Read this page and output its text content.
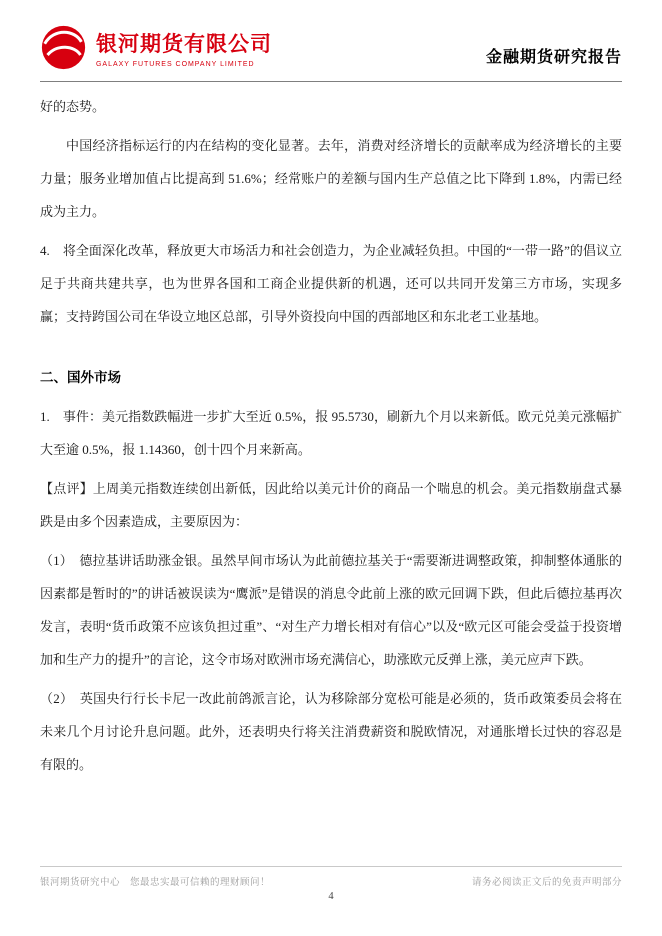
银河期货有限公司
GALAXY FUTURES COMPANY LIMITED	金融期货研究报告

好的态势。

中国经济指标运行的内在结构的变化显著。去年，消费对经济增长的贡献率成为经济增长的主要力量；服务业增加值占比提高到 51.6%；经常账户的差额与国内生产总值之比下降到 1.8%，内需已经成为主力。

4.　将全面深化改革，释放更大市场活力和社会创造力，为企业减轻负担。中国的“一带一路”的倡议立足于共商共建共享，也为世界各国和工商企业提供新的机遇，还可以共同开发第三方市场，实现多赢；支持跨国公司在华设立地区总部，引导外资投向中国的西部地区和东北老工业基地。

二、国外市场

1.　事件：美元指数跌幅进一步扩大至近 0.5%，报 95.5730，刷新九个月以来新低。欧元兑美元涨幅扩大至逾 0.5%，报 1.14360，创十四个月来新高。

【点评】上周美元指数连续创出新低，因此给以美元计价的商品一个喘息的机会。美元指数崩盘式暴跌是由多个因素造成，主要原因为：

（1）　德拉基讲话助涨金银。虽然早间市场认为此前德拉基关于“需要渐进调整政策，抑制整体通胀的因素都是暂时的”的讲话被误读为“鹰派”是错误的消息令此前上涨的欧元回调下跌，但此后德拉基再次发言，表明“货币政策不应该负担过重”、“对生产力增长相对有信心”以及“欧元区可能会受益于投资增加和生产力的提升”的言论，这令市场对欧洲市场充满信心，助涨欧元反弹上涨，美元应声下跌。

（2）　英国央行行长卡尼一改此前鸽派言论，认为移除部分宽松可能是必须的，货币政策委员会将在未来几个月讨论升息问题。此外，还表明央行将关注消费薪资和脱欧情况，对通胀增长过快的容忍是有限的。

银河期货研究中心　您最忠实最可信赖的理财顾问！	请务必阅读正文后的免责声明部分
4
